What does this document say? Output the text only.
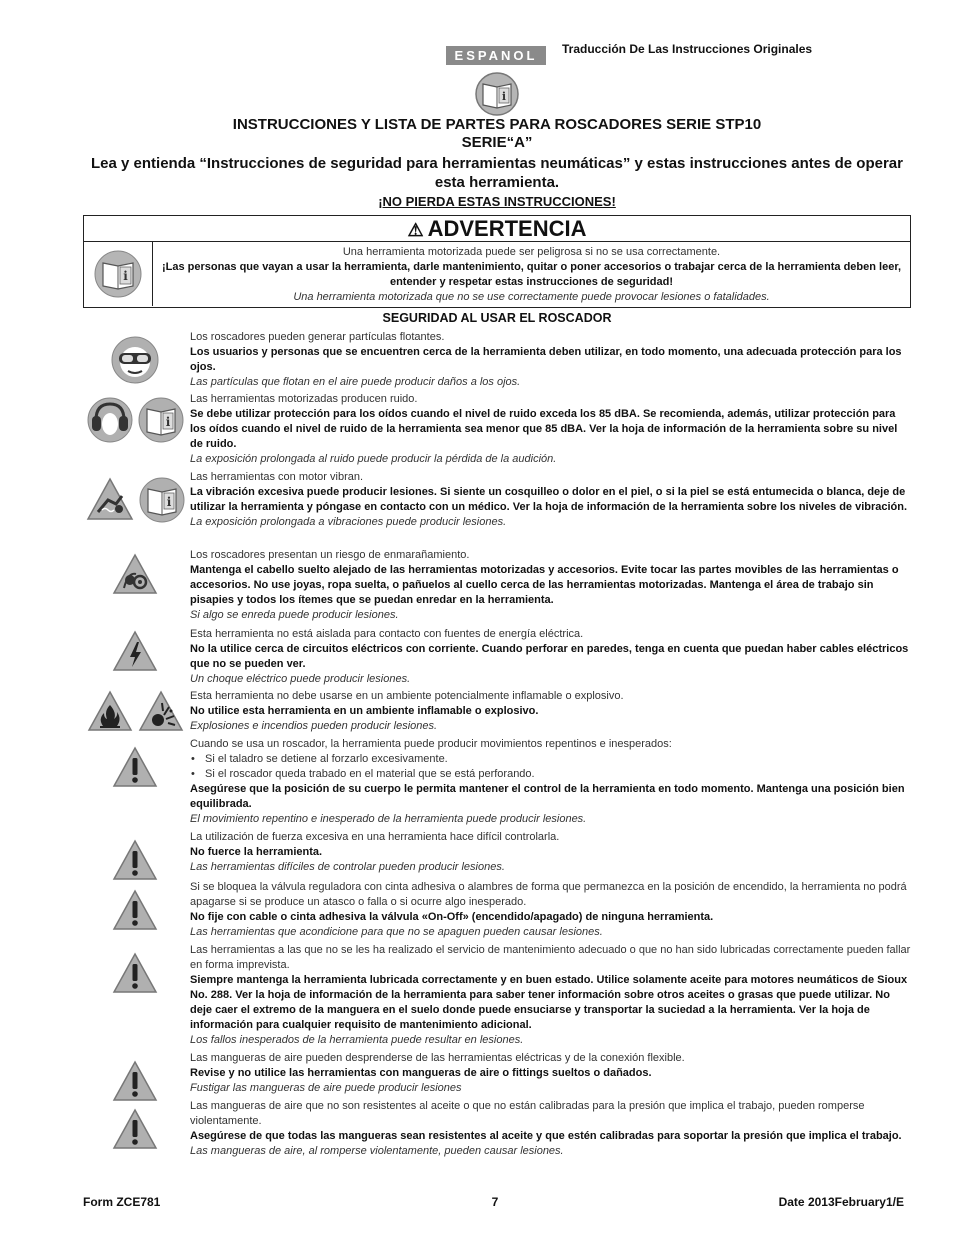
ESPANOL	Traducción De Las Instrucciones Originales
i
INSTRUCCIONES Y LISTA DE PARTES PARA ROSCADORES SERIE STP10
SERIE“A”
Lea y entienda “Instrucciones de seguridad para herramientas neumáticas” y estas instrucciones antes de operar esta herramienta.
¡NO PIERDA ESTAS INSTRUCCIONES!
⚠ ADVERTENCIA
i
Una herramienta motorizada puede ser peligrosa si no se usa correctamente.
¡Las personas que vayan a usar la herramienta, darle mantenimiento, quitar o poner accesorios o trabajar cerca de la herramienta deben leer, entender y respetar estas instrucciones de seguridad!
Una herramienta motorizada que no se use correctamente puede provocar lesiones o fatalidades.
SEGURIDAD AL USAR EL ROSCADOR

Los roscadores pueden generar partículas flotantes.

Los usuarios y personas que se encuentren cerca de la herramienta deben utilizar, en todo momento, una adecuada protección para los ojos.

Las partículas que flotan en el aire puede producir daños a los ojos.

i

Las herramientas motorizadas producen ruido.

Se debe utilizar protección para los oídos cuando el nivel de ruido exceda los 85 dBA. Se recomienda, además, utilizar protección para los oídos cuando el nivel de ruido de la herramienta sea menor que 85 dBA. Ver la hoja de información de la herramienta sobre su nivel de ruido.

La exposición prolongada al ruido puede producir la pérdida de la audición.

i

Las herramientas con motor vibran.

La vibración excesiva puede producir lesiones. Si siente un cosquilleo o dolor en el piel, o si la piel se está entumecida o blanca, deje de utilizar la herramienta y póngase en contacto con un médico. Ver la hoja de información de la herramienta sobre los niveles de vibración.

La exposición prolongada a vibraciones puede producir lesiones.

Los roscadores presentan un riesgo de enmarañamiento.

Mantenga el cabello suelto alejado de las herramientas motorizadas y accesorios. Evite tocar las partes movibles de las herramientas o accesorios. No use joyas, ropa suelta, o pañuelos al cuello cerca de las herramientas motorizadas. Mantenga el área de trabajo sin pisapies y todos los ítemes que se puedan enredar en la herramienta.

Si algo se enreda puede producir lesiones.

Esta herramienta no está aislada para contacto con fuentes de energía eléctrica.

No la utilice cerca de circuitos eléctricos con corriente. Cuando perforar en paredes, tenga en cuenta que puedan haber cables eléctricos que no se pueden ver.

Un choque eléctrico puede producir lesiones.

Esta herramienta no debe usarse en un ambiente potencialmente inflamable o explosivo.

No utilice esta herramienta en un ambiente inflamable o explosivo.

Explosiones e incendios pueden producir lesiones.

Cuando se usa un roscador, la herramienta puede producir movimientos repentinos e inesperados:

• Si el taladro se detiene al forzarlo excesivamente.
• Si el roscador queda trabado en el material que se está perforando.

Asegúrese que la posición de su cuerpo le permita mantener el control de la herramienta en todo momento. Mantenga una posición bien equilibrada.

El movimiento repentino e inesperado de la herramienta puede producir lesiones.

La utilización de fuerza excesiva en una herramienta hace difícil controlarla.

No fuerce la herramienta.

Las herramientas difíciles de controlar pueden producir lesiones.

Si se bloquea la válvula reguladora con cinta adhesiva o alambres de forma que permanezca en la posición de encendido, la herramienta no podrá apagarse si se produce un atasco o falla o si ocurre algo inesperado.

No fije con cable o cinta adhesiva la válvula «On-Off» (encendido/apagado) de ninguna herramienta.

Las herramientas que acondicione para que no se apaguen pueden causar lesiones.

Las herramientas a las que no se les ha realizado el servicio de mantenimiento adecuado o que no han sido lubricadas correctamente pueden fallar en forma imprevista.

Siempre mantenga la herramienta lubricada correctamente y en buen estado. Utilice solamente aceite para motores neumáticos de Sioux No. 288. Ver la hoja de información de la herramienta para saber tener información sobre otros aceites o grasas que puede utilizar. No deje caer el extremo de la manguera en el suelo donde puede ensuciarse y transportar la suciedad a la herramienta. Ver la hoja de información para cualquier requisito de mantenimiento adicional.

Los fallos inesperados de la herramienta puede resultar en lesiones.

Las mangueras de aire pueden desprenderse de las herramientas eléctricas y de la conexión flexible.

Revise y no utilice las herramientas con mangueras de aire o fittings sueltos o dañados.

Fustigar las mangueras de aire puede producir lesiones

Las mangueras de aire que no son resistentes al aceite o que no están calibradas para la presión que implica el trabajo, pueden romperse violentamente.

Asegúrese de que todas las mangueras sean resistentes al aceite y que estén calibradas para soportar la presión que implica el trabajo.

Las mangueras de aire, al romperse violentamente, pueden causar lesiones.

Form ZCE781	7	Date 2013February1/E
